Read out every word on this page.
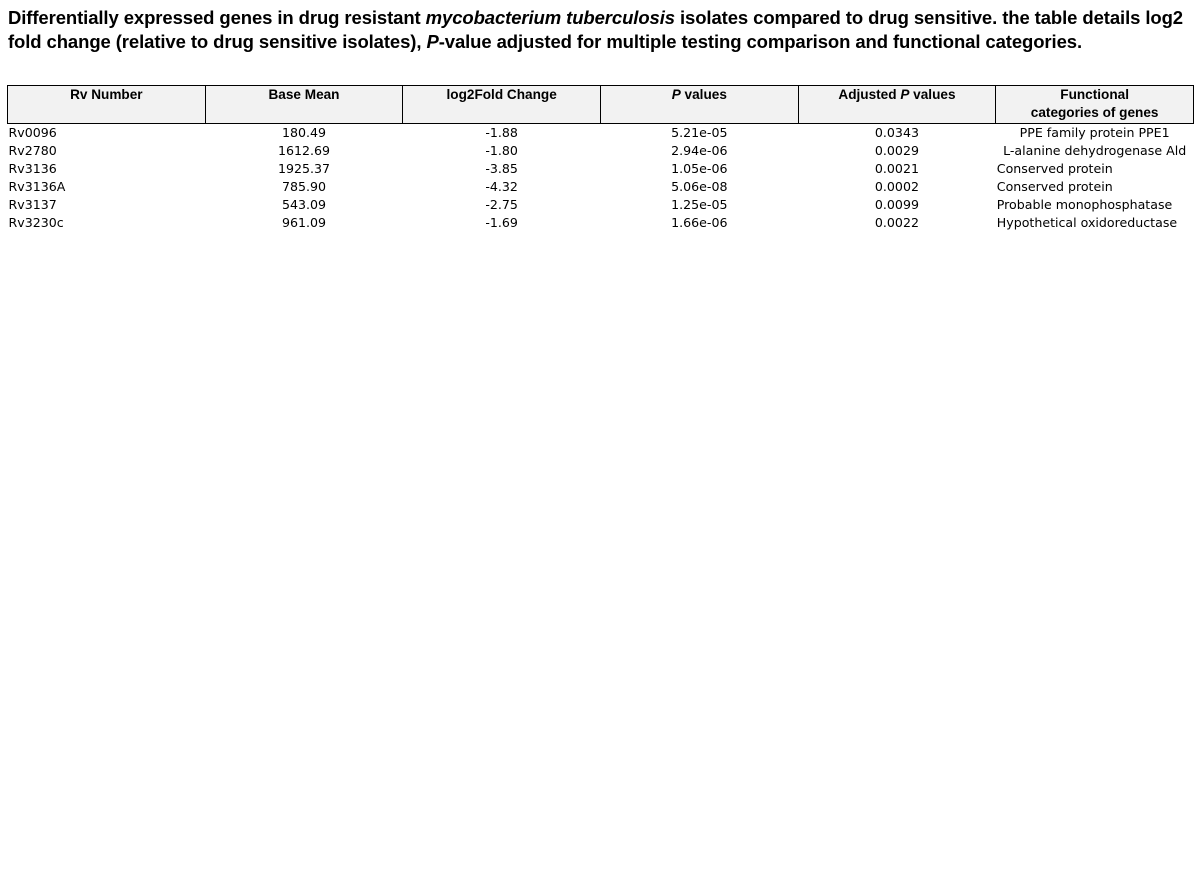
Differentially expressed genes in drug resistant mycobacterium tuberculosis isolates compared to drug sensitive. the table details log2 fold change (relative to drug sensitive isolates), P-value adjusted for multiple testing comparison and functional categories.
Rv Number	Base Mean	log2Fold Change	P values	Adjusted P values	Functional
categories of genes
Rv0096	180.49	-1.88	5.21e-05	0.0343	PPE family protein PPE1
Rv2780	1612.69	-1.80	2.94e-06	0.0029	L-alanine dehydrogenase Ald
Rv3136	1925.37	-3.85	1.05e-06	0.0021	Conserved protein
Rv3136A	785.90	-4.32	5.06e-08	0.0002	Conserved protein
Rv3137	543.09	-2.75	1.25e-05	0.0099	Probable monophosphatase
Rv3230c	961.09	-1.69	1.66e-06	0.0022	Hypothetical oxidoreductase
